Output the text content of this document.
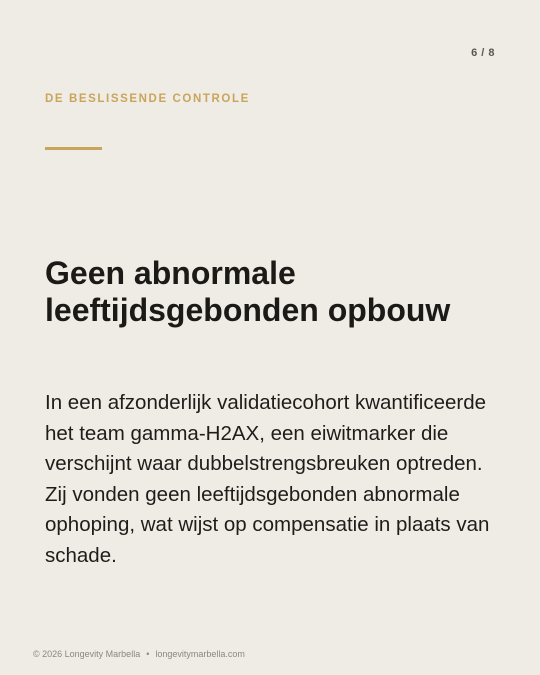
6 / 8
DE BESLISSENDE CONTROLE
Geen abnormale leeftijdsgebonden opbouw

In een afzonderlijk validatiecohort kwantificeerde het team gamma-H2AX, een eiwitmarker die verschijnt waar dubbelstrengsbreuken optreden. Zij vonden geen leeftijdsgebonden abnormale ophoping, wat wijst op compensatie in plaats van schade.

© 2026 Longevity Marbella • longevitymarbella.com
